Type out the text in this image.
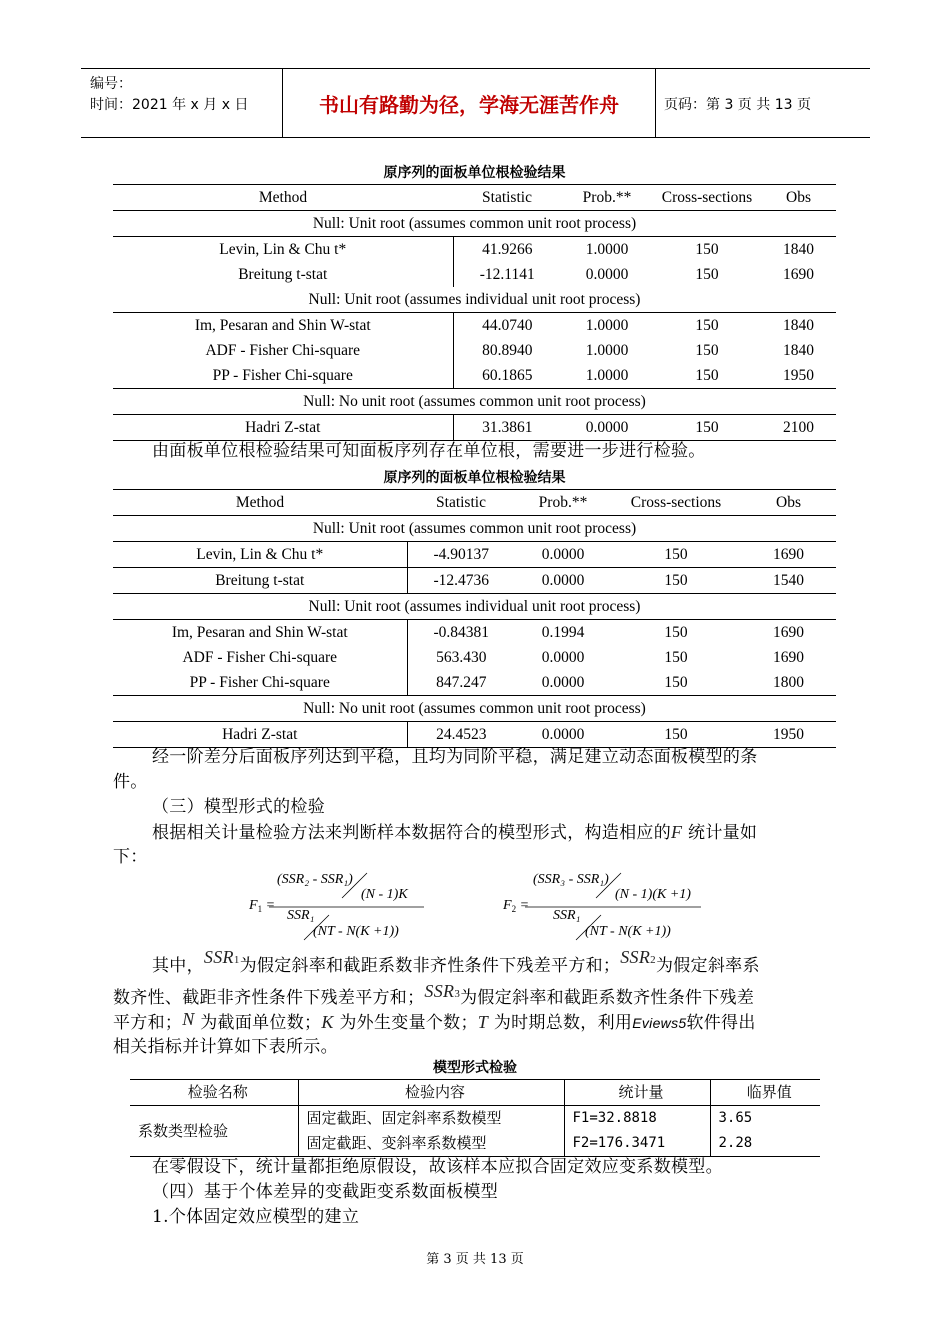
编号：
时间：2021 年 x 月 x 日	书山有路勤为径，学海无涯苦作舟	页码：第 3 页 共 13 页
原序列的面板单位根检验结果
Method	Statistic	Prob.**	Cross-sections	Obs
Null: Unit root (assumes common unit root process)				
Levin, Lin & Chu t*	41.9266	1.0000	150	1840
Breitung t-stat	-12.1141	0.0000	150	1690
Null: Unit root (assumes individual unit root process)				
Im, Pesaran and Shin W-stat	44.0740	1.0000	150	1840
ADF - Fisher Chi-square	80.8940	1.0000	150	1840
PP - Fisher Chi-square	60.1865	1.0000	150	1950
Null: No unit root (assumes common unit root process)				
Hadri Z-stat	31.3861	0.0000	150	2100
由面板单位根检验结果可知面板序列存在单位根，需要进一步进行检验。
原序列的面板单位根检验结果
Method	Statistic	Prob.**	Cross-sections	Obs
Null: Unit root (assumes common unit root process)				
Levin, Lin & Chu t*	-4.90137	0.0000	150	1690
Breitung t-stat	-12.4736	0.0000	150	1540
Null: Unit root (assumes individual unit root process)				
Im, Pesaran and Shin W-stat	-0.84381	0.1994	150	1690
ADF - Fisher Chi-square	563.430	0.0000	150	1690
PP - Fisher Chi-square	847.247	0.0000	150	1800
Null: No unit root (assumes common unit root process)				
Hadri Z-stat	24.4523	0.0000	150	1950
经一阶差分后面板序列达到平稳，且均为同阶平稳，满足建立动态面板模型的条
件。
（三）模型形式的检验
根据相关计量检验方法来判断样本数据符合的模型形式，构造相应的F 统计量如
下：
$F_1$ =
(SSR₂ - SSR₁)
(N - 1)K
SSR₁
(NT - N(K +1))
$F_2$ =
(SSR₃ - SSR₁)
(N - 1)(K +1)
SSR₁
(NT - N(K +1))
其中，SSR1为假定斜率和截距系数非齐性条件下残差平方和；SSR2为假定斜率系
数齐性、截距非齐性条件下残差平方和；SSR3为假定斜率和截距系数齐性条件下残差
平方和；N 为截面单位数；K 为外生变量个数；T 为时期总数，利用Eviews5软件得出
相关指标并计算如下表所示。
模型形式检验
检验名称	检验内容	统计量	临界值
系数类型检验	固定截距、固定斜率系数模型	F1=32.8818	3.65
	固定截距、变斜率系数模型	F2=176.3471	2.28
在零假设下，统计量都拒绝原假设，故该样本应拟合固定效应变系数模型。
（四）基于个体差异的变截距变系数面板模型
1.个体固定效应模型的建立
第 3 页 共 13 页
